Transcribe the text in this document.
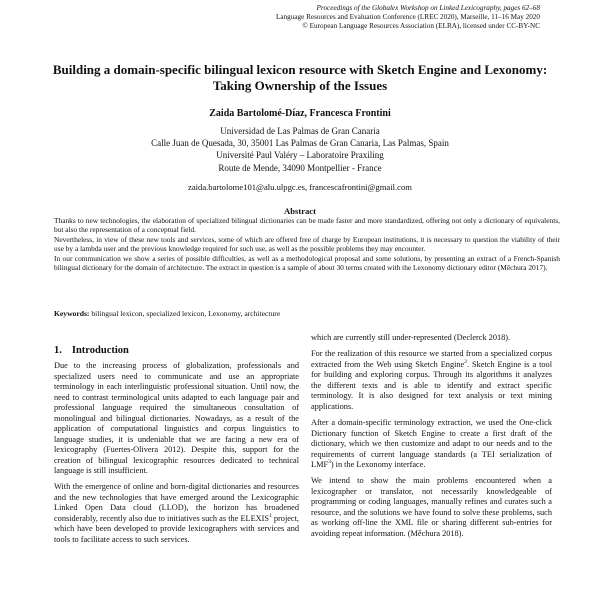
Proceedings of the Globalex Workshop on Linked Lexicography, pages 62–68
Language Resources and Evaluation Conference (LREC 2020), Marseille, 11–16 May 2020
© European Language Resources Association (ELRA), licensed under CC-BY-NC
Building a domain-specific bilingual lexicon resource with Sketch Engine and Lexonomy: Taking Ownership of the Issues
Zaida Bartolomé-Díaz, Francesca Frontini
Universidad de Las Palmas de Gran Canaria
Calle Juan de Quesada, 30, 35001 Las Palmas de Gran Canaria, Las Palmas, Spain
Université Paul Valéry – Laboratoire Praxiling
Route de Mende, 34090 Montpellier - France
zaida.bartolome101@alu.ulpgc.es, francescafrontini@gmail.com
Abstract

Thanks to new technologies, the elaboration of specialized bilingual dictionaries can be made faster and more standardized, offering not only a dictionary of equivalents, but also the representation of a conceptual field.

Nevertheless, in view of these new tools and services, some of which are offered free of charge by European institutions, it is necessary to question the viability of their use by a lambda user and the previous knowledge required for such use, as well as the possible problems they may encounter.

In our communication we show a series of possible difficulties, as well as a methodological proposal and some solutions, by presenting an extract of a French-Spanish bilingual dictionary for the domain of architecture. The extract in question is a sample of about 30 terms created with the Lexonomy dictionary editor (Měchura 2017).

Keywords: bilingual lexicon, specialized lexicon, Lexonomy, architecture
1. Introduction

Due to the increasing process of globalization, professionals and specialized users need to communicate and use an appropriate terminology in each interlinguistic professional situation. Until now, the need to contrast terminological units adapted to each language pair and professional language required the simultaneous consultation of monolingual and bilingual dictionaries. Nowadays, as a result of the application of computational linguistics and corpus linguistics to language studies, it is undeniable that we are facing a new era of lexicography (Fuertes-Olivera 2012). Despite this, support for the creation of bilingual lexicographic resources dedicated to technical language is still insufficient.

With the emergence of online and born-digital dictionaries and resources and the new technologies that have emerged around the Lexicographic Linked Open Data cloud (LLOD), the horizon has broadened considerably, recently also due to initiatives such as the ELEXIS$^1$ project, which have been developed to provide lexicographers with services and tools to facilitate access to such services.

which are currently still under-represented (Declerck 2018).

For the realization of this resource we started from a specialized corpus extracted from the Web using Sketch Engine$^2$. Sketch Engine is a tool for building and exploring corpus. Through its algorithms it analyzes the different texts and is able to identify and extract specific terminology. It is also designed for text analysis or text mining applications.

After a domain-specific terminology extraction, we used the One-click Dictionary function of Sketch Engine to create a first draft of the dictionary, which we then customize and adapt to our needs and to the requirements of current language standards (a TEI serialization of LMF$^3$) in the Lexonomy interface.

We intend to show the main problems encountered when a lexicographer or translator, not necessarily knowledgeable of programming or coding languages, manually refines and curates such a resource, and the solutions we have found to solve these problems, such as working off-line the XML file or sharing different sub-entries for avoiding repeat information. (Měchura 2018).
